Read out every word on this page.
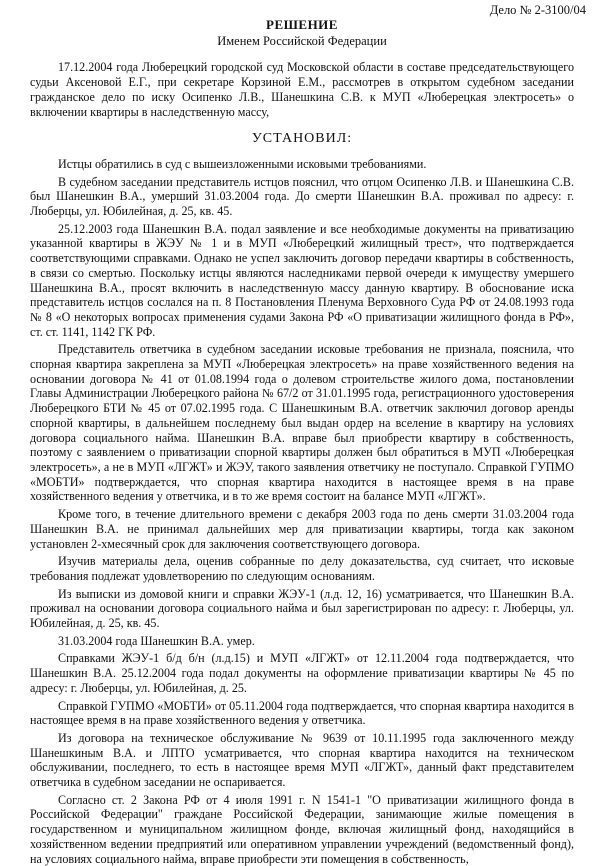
Дело № 2-3100/04
РЕШЕНИЕ
Именем Российской Федерации

17.12.2004 года Люберецкий городской суд Московской области в составе председательствующего судьи Аксеновой Е.Г., при секретаре Корзиной Е.М., рассмотрев в открытом судебном заседании гражданское дело по иску Осипенко Л.В., Шанешкина С.В. к МУП «Люберецкая электросеть» о включении квартиры в наследственную массу,

УСТАНОВИЛ:

Истцы обратились в суд с вышеизложенными исковыми требованиями.

В судебном заседании представитель истцов пояснил, что отцом Осипенко Л.В. и Шанешкина С.В. был Шанешкин В.А., умерший 31.03.2004 года. До смерти Шанешкин В.А. проживал по адресу: г. Люберцы, ул. Юбилейная, д. 25, кв. 45.

25.12.2003 года Шанешкин В.А. подал заявление и все необходимые документы на приватизацию указанной квартиры в ЖЭУ № 1 и в МУП «Люберецкий жилищный трест», что подтверждается соответствующими справками. Однако не успел заключить договор передачи квартиры в собственность, в связи со смертью. Поскольку истцы являются наследниками первой очереди к имуществу умершего Шанешкина В.А., просят включить в наследственную массу данную квартиру. В обоснование иска представитель истцов сослался на п. 8 Постановления Пленума Верховного Суда РФ от 24.08.1993 года № 8 «О некоторых вопросах применения судами Закона РФ «О приватизации жилищного фонда в РФ», ст. ст. 1141, 1142 ГК РФ.

Представитель ответчика в судебном заседании исковые требования не признала, пояснила, что спорная квартира закреплена за МУП «Люберецкая электросеть» на праве хозяйственного ведения на основании договора № 41 от 01.08.1994 года о долевом строительстве жилого дома, постановлении Главы Администрации Люберецкого района № 67/2 от 31.01.1995 года, регистрационного удостоверения Люберецкого БТИ № 45 от 07.02.1995 года. С Шанешкиным В.А. ответчик заключил договор аренды спорной квартиры, в дальнейшем последнему был выдан ордер на вселение в квартиру на условиях договора социального найма. Шанешкин В.А. вправе был приобрести квартиру в собственность, поэтому с заявлением о приватизации спорной квартиры должен был обратиться в МУП «Люберецкая электросеть», а не в МУП «ЛГЖТ» и ЖЭУ, такого заявления ответчику не поступало. Справкой ГУПМО «МОБТИ» подтверждается, что спорная квартира находится в настоящее время в на праве хозяйственного ведения у ответчика, и в то же время состоит на балансе МУП «ЛГЖТ».

Кроме того, в течение длительного времени с декабря 2003 года по день смерти 31.03.2004 года Шанешкин В.А. не принимал дальнейших мер для приватизации квартиры, тогда как законом установлен 2-хмесячный срок для заключения соответствующего договора.

Изучив материалы дела, оценив собранные по делу доказательства, суд считает, что исковые требования подлежат удовлетворению по следующим основаниям.

Из выписки из домовой книги и справки ЖЭУ-1 (л.д. 12, 16) усматривается, что Шанешкин В.А. проживал на основании договора социального найма и был зарегистрирован по адресу: г. Люберцы, ул. Юбилейная, д. 25, кв. 45.

31.03.2004 года Шанешкин В.А. умер.

Справками ЖЭУ-1 б/д б/н (л.д.15) и МУП «ЛГЖТ» от 12.11.2004 года подтверждается, что Шанешкин В.А. 25.12.2004 года подал документы на оформление приватизации квартиры № 45 по адресу: г. Люберцы, ул. Юбилейная, д. 25.

Справкой ГУПМО «МОБТИ» от 05.11.2004 года подтверждается, что спорная квартира находится в настоящее время в на праве хозяйственного ведения у ответчика.

Из договора на техническое обслуживание № 9639 от 10.11.1995 года заключенного между Шанешкиным В.А. и ЛПТО усматривается, что спорная квартира находится на техническом обслуживании, последнего, то есть в настоящее время МУП «ЛГЖТ», данный факт представителем ответчика в судебном заседании не оспаривается.

Согласно ст. 2 Закона РФ от 4 июля 1991 г. N 1541-1 "О приватизации жилищного фонда в Российской Федерации" граждане Российской Федерации, занимающие жилые помещения в государственном и муниципальном жилищном фонде, включая жилищный фонд, находящийся в хозяйственном ведении предприятий или оперативном управлении учреждений (ведомственный фонд), на условиях социального найма, вправе приобрести эти помещения в собственность,
